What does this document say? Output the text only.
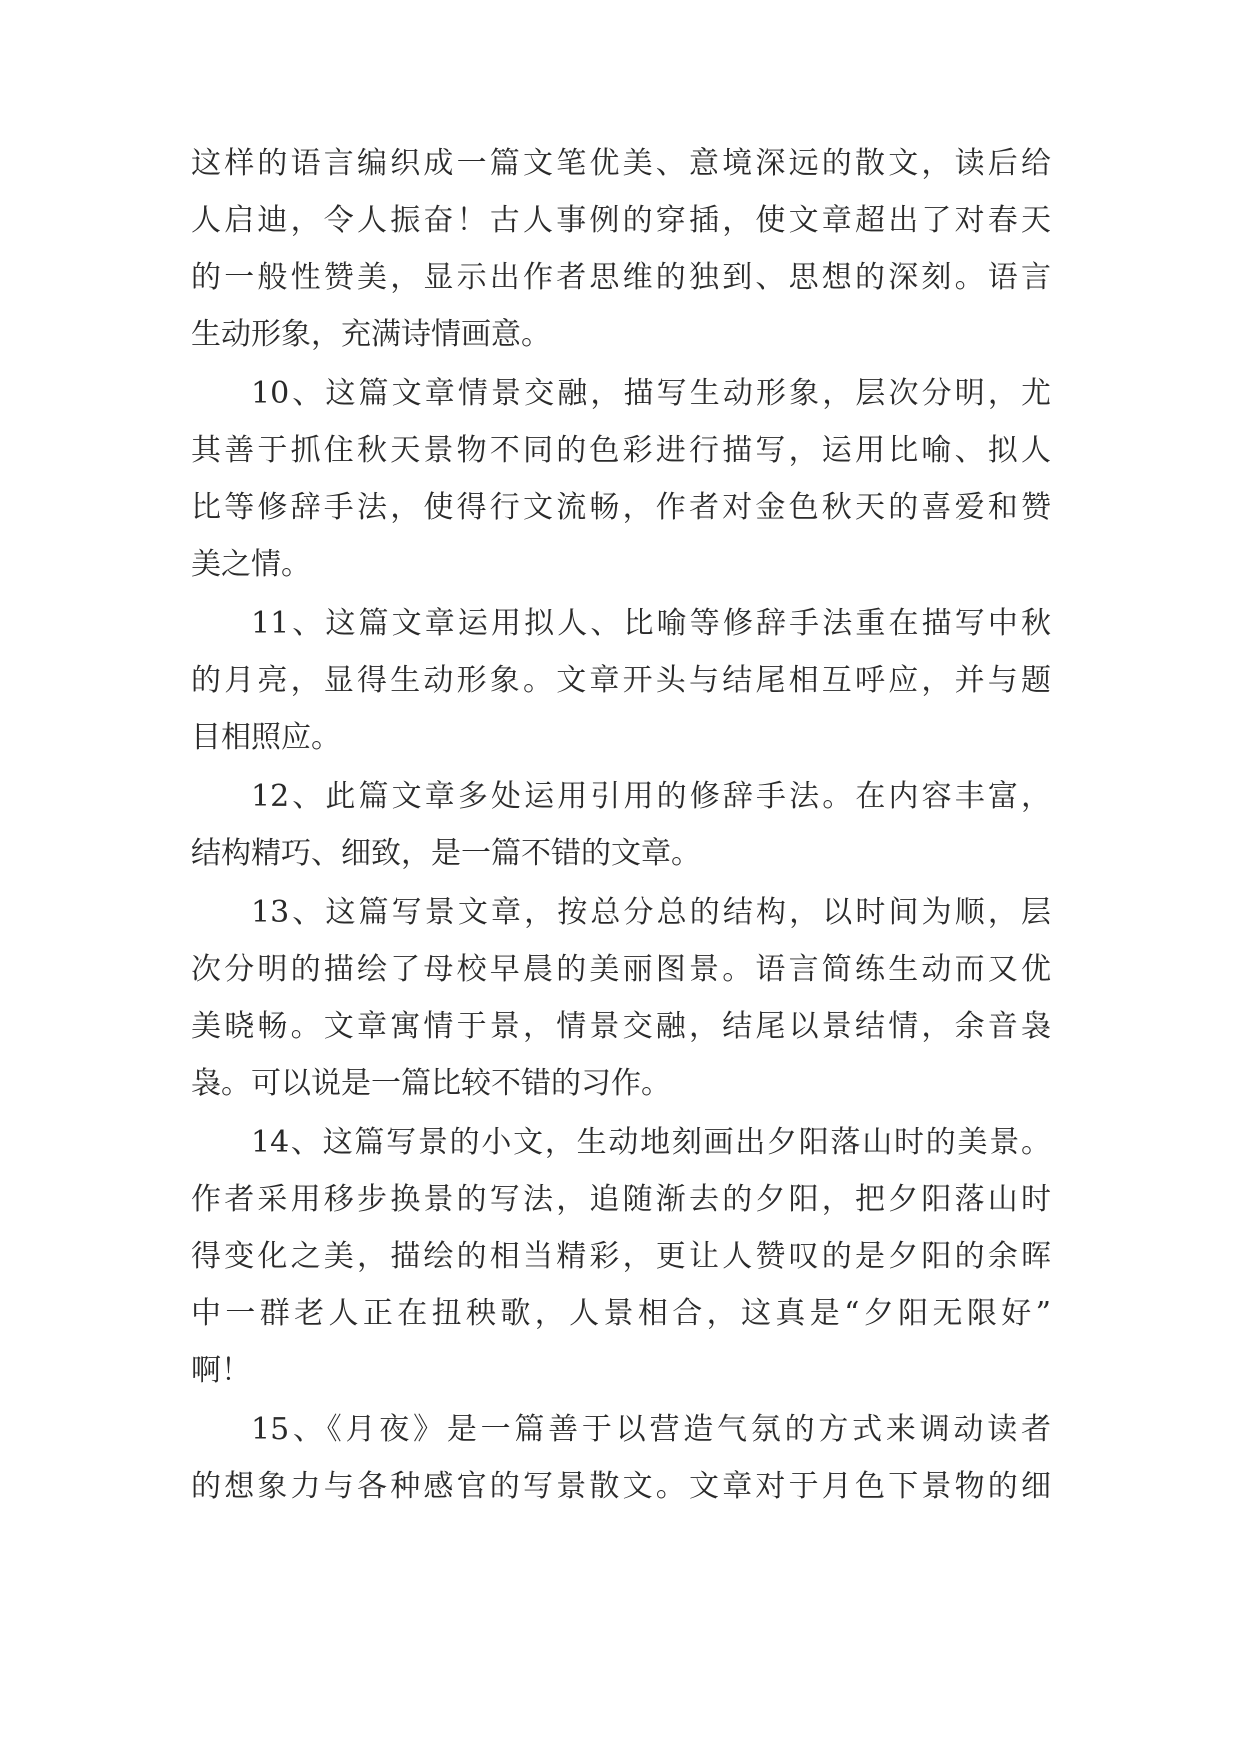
这样的语言编织成一篇文笔优美、意境深远的散文，读后给
人启迪，令人振奋！古人事例的穿插，使文章超出了对春天
的一般性赞美，显示出作者思维的独到、思想的深刻。语言
生动形象，充满诗情画意。
10、这篇文章情景交融，描写生动形象，层次分明，尤
其善于抓住秋天景物不同的色彩进行描写，运用比喻、拟人
比等修辞手法，使得行文流畅，作者对金色秋天的喜爱和赞
美之情。
11、这篇文章运用拟人、比喻等修辞手法重在描写中秋
的月亮，显得生动形象。文章开头与结尾相互呼应，并与题
目相照应。
12、此篇文章多处运用引用的修辞手法。在内容丰富，
结构精巧、细致，是一篇不错的文章。
13、这篇写景文章，按总分总的结构，以时间为顺，层
次分明的描绘了母校早晨的美丽图景。语言简练生动而又优
美晓畅。文章寓情于景，情景交融，结尾以景结情，余音袅
袅。可以说是一篇比较不错的习作。
14、这篇写景的小文，生动地刻画出夕阳落山时的美景。
作者采用移步换景的写法，追随渐去的夕阳，把夕阳落山时
得变化之美，描绘的相当精彩，更让人赞叹的是夕阳的余晖
中一群老人正在扭秧歌，人景相合，这真是“夕阳无限好”
啊！
15、《月夜》是一篇善于以营造气氛的方式来调动读者
的想象力与各种感官的写景散文。文章对于月色下景物的细
